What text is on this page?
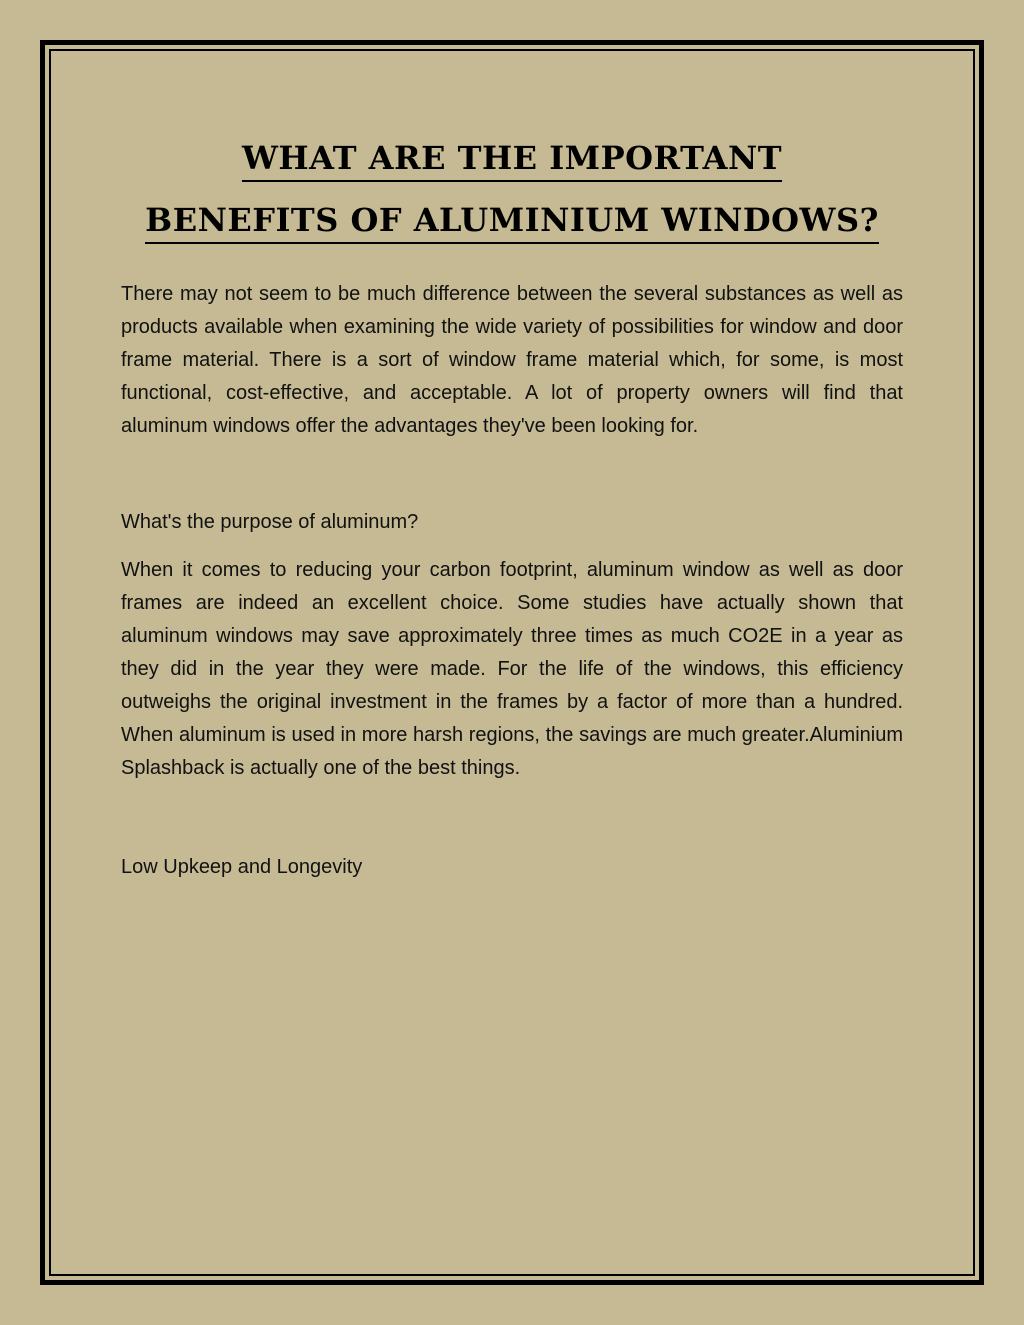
WHAT ARE THE IMPORTANT
BENEFITS OF ALUMINIUM WINDOWS?

There may not seem to be much difference between the several substances as well as products available when examining the wide variety of possibilities for window and door frame material. There is a sort of window frame material which, for some, is most functional, cost-effective, and acceptable. A lot of property owners will find that aluminum windows offer the advantages they've been looking for.

What's the purpose of aluminum?

When it comes to reducing your carbon footprint, aluminum window as well as door frames are indeed an excellent choice. Some studies have actually shown that aluminum windows may save approximately three times as much CO2E in a year as they did in the year they were made. For the life of the windows, this efficiency outweighs the original investment in the frames by a factor of more than a hundred. When aluminum is used in more harsh regions, the savings are much greater.Aluminium Splashback is actually one of the best things.

Low Upkeep and Longevity
